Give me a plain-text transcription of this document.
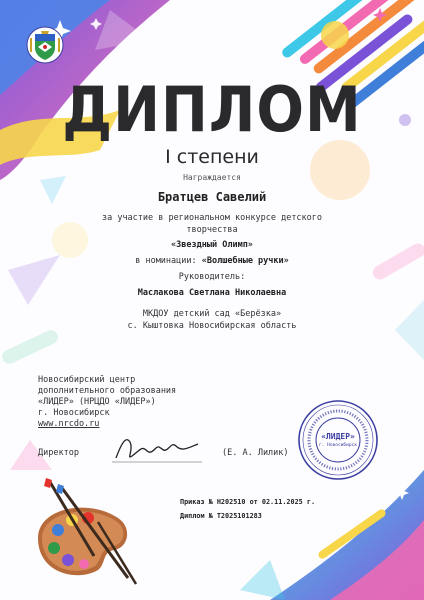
ДИПЛОМ
I степени
Награждается
Братцев Савелий
за участие в региональном конкурсе детского
творчества
«Звездный Олимп»
в номинации: «Волшебные ручки»
Руководитель:
Маслакова Светлана Николаевна
МКДОУ детский сад «Берёзка»
с. Кыштовка Новосибирская область
Новосибирский центр
дополнительного образования
«ЛИДЕР» (НРЦДО «ЛИДЕР»)
г. Новосибирск
www.nrcdo.ru
Директор	(Е. А. Лилик)
«ЛИДЕР»
г. Новосибирск
Приказ № Н202510 от 02.11.2025 г.
Диплом № Т2025101283
